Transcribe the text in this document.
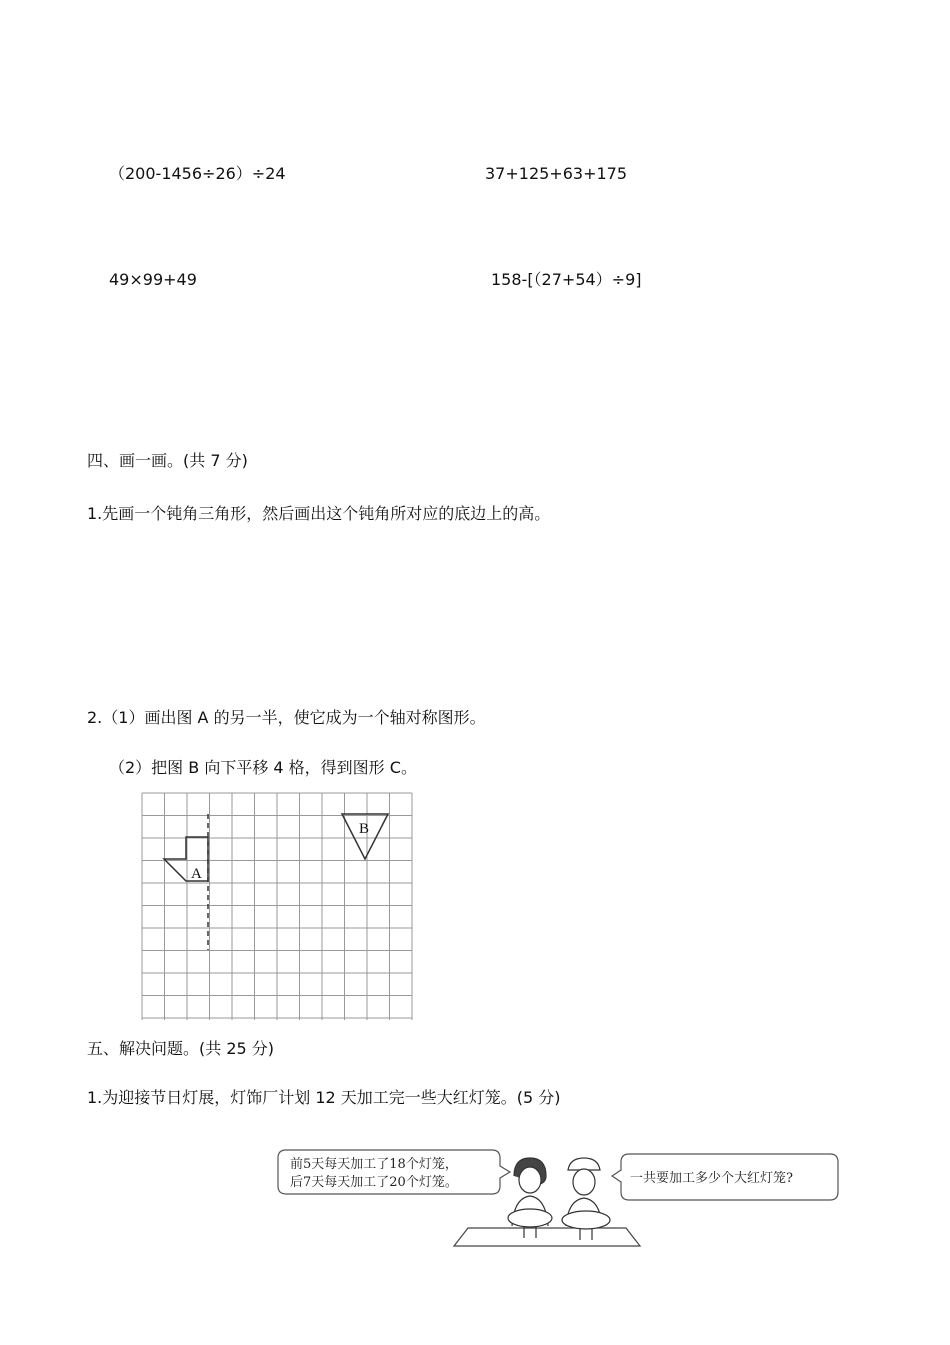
（200-1456÷26）÷24	37+125+63+175
49×99+49	158-[（27+54）÷9]
四、画一画。(共 7 分)
1.先画一个钝角三角形，然后画出这个钝角所对应的底边上的高。
2.（1）画出图 A 的另一半，使它成为一个轴对称图形。
（2）把图 B 向下平移 4 格，得到图形 C。
A
B
五、解决问题。(共 25 分)
1.为迎接节日灯展，灯饰厂计划 12 天加工完一些大红灯笼。(5 分)
前5天每天加工了18个灯笼，
后7天每天加工了20个灯笼。	一共要加工多少个大红灯笼?
